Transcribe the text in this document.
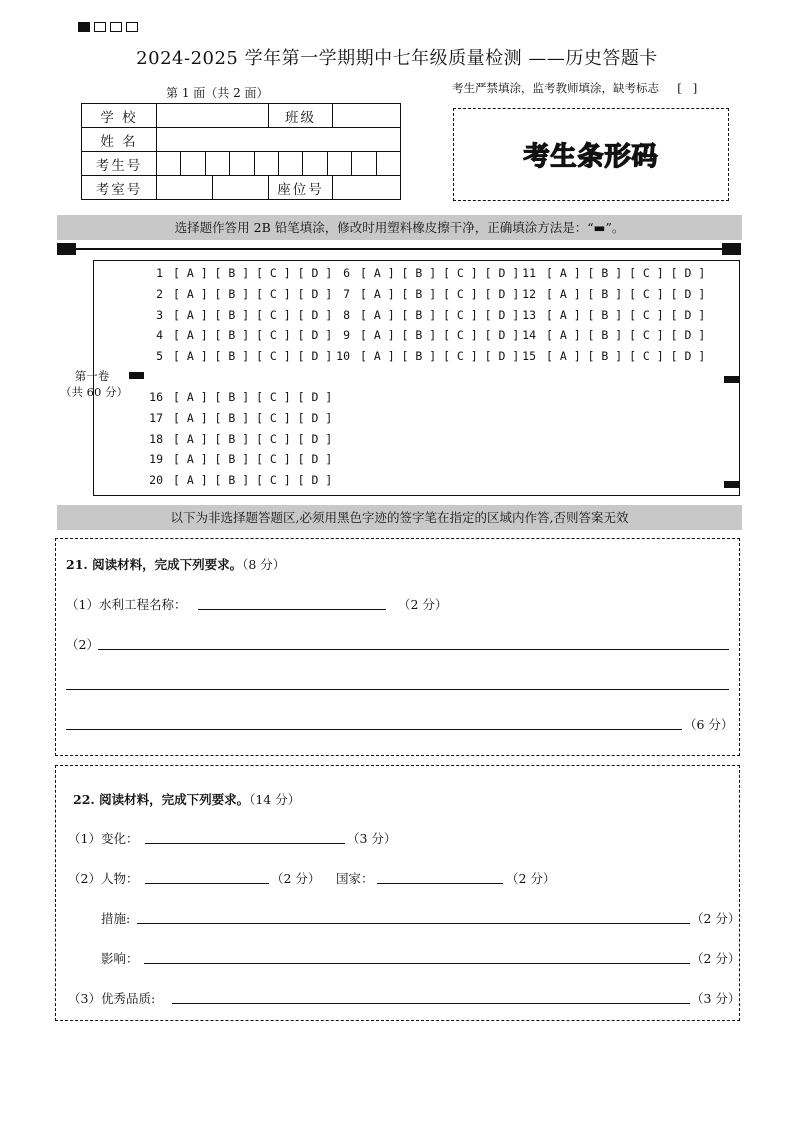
2024-2025 学年第一学期期中七年级质量检测 ——历史答题卡
第 1 面（共 2 面）	考生严禁填涂，监考教师填涂，缺考标志     [   ]
学 校		班级	
姓 名			
考生号			

考室号		座位号	
考生条形码
选择题作答用 2B 铅笔填涂，修改时用塑料橡皮擦干净，正确填涂方法是：“▬”。
第一卷
（共 60 分）
1 [ A ] [ B ] [ C ] [ D ]
2 [ A ] [ B ] [ C ] [ D ]
3 [ A ] [ B ] [ C ] [ D ]
4 [ A ] [ B ] [ C ] [ D ]
5 [ A ] [ B ] [ C ] [ D ]
6 [ A ] [ B ] [ C ] [ D ]
7 [ A ] [ B ] [ C ] [ D ]
8 [ A ] [ B ] [ C ] [ D ]
9 [ A ] [ B ] [ C ] [ D ]
10 [ A ] [ B ] [ C ] [ D ]
11 [ A ] [ B ] [ C ] [ D ]
12 [ A ] [ B ] [ C ] [ D ]
13 [ A ] [ B ] [ C ] [ D ]
14 [ A ] [ B ] [ C ] [ D ]
15 [ A ] [ B ] [ C ] [ D ]
16 [ A ] [ B ] [ C ] [ D ]
17 [ A ] [ B ] [ C ] [ D ]
18 [ A ] [ B ] [ C ] [ D ]
19 [ A ] [ B ] [ C ] [ D ]
20 [ A ] [ B ] [ C ] [ D ]
以下为非选择题答题区,必须用黑色字迹的签字笔在指定的区域内作答,否则答案无效
21. 阅读材料，完成下列要求。（8 分）
（1）水利工程名称：	（2 分）
（2）
（6 分）
22. 阅读材料，完成下列要求。（14 分）
（1）变化：	（3 分）
（2）人物：	（2 分） 国家：	（2 分）
措施:	（2 分）
影响：	（2 分）
（3）优秀品质:	（3 分）
